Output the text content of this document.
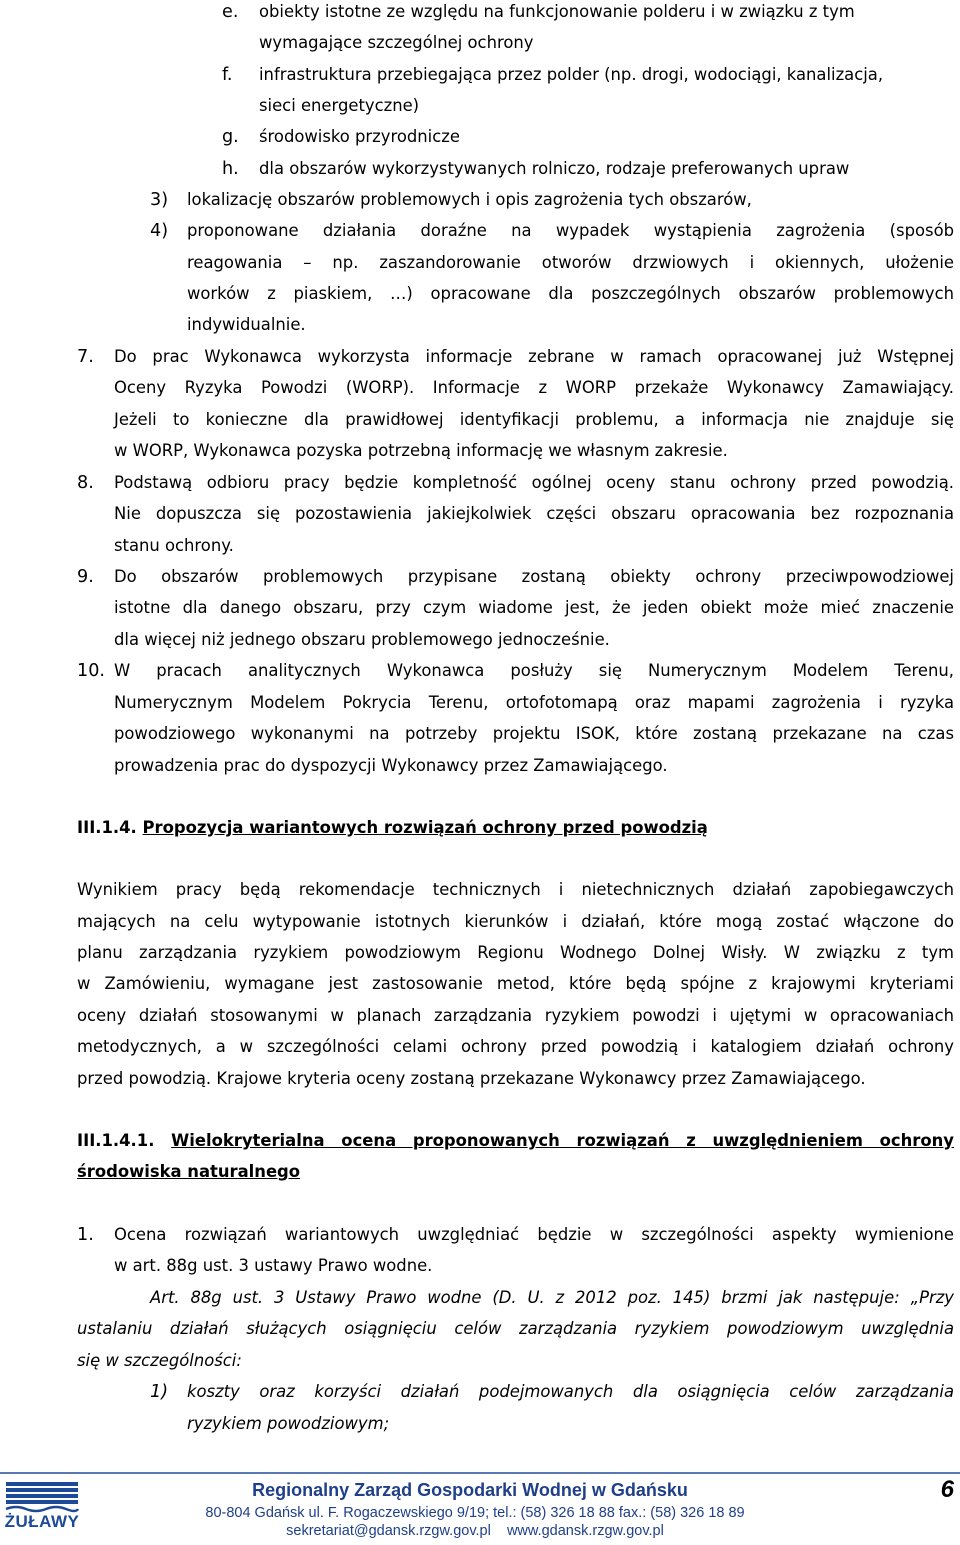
e. obiekty istotne ze względu na funkcjonowanie polderu i w związku z tym
wymagające szczególnej ochrony
f. infrastruktura przebiegająca przez polder (np. drogi, wodociągi, kanalizacja,
sieci energetyczne)
g. środowisko przyrodnicze
h. dla obszarów wykorzystywanych rolniczo, rodzaje preferowanych upraw
3) lokalizację obszarów problemowych i opis zagrożenia tych obszarów,
4) proponowane działania doraźne na wypadek wystąpienia zagrożenia (sposób
reagowania – np. zaszandorowanie otworów drzwiowych i okiennych, ułożenie
worków z piaskiem, …) opracowane dla poszczególnych obszarów problemowych
indywidualnie.
7. Do prac Wykonawca wykorzysta informacje zebrane w ramach opracowanej już Wstępnej
Oceny Ryzyka Powodzi (WORP). Informacje z WORP przekaże Wykonawcy Zamawiający.
Jeżeli to konieczne dla prawidłowej identyfikacji problemu, a informacja nie znajduje się
w WORP, Wykonawca pozyska potrzebną informację we własnym zakresie.
8. Podstawą odbioru pracy będzie kompletność ogólnej oceny stanu ochrony przed powodzią.
Nie dopuszcza się pozostawienia jakiejkolwiek części obszaru opracowania bez rozpoznania
stanu ochrony.
9. Do obszarów problemowych przypisane zostaną obiekty ochrony przeciwpowodziowej
istotne dla danego obszaru, przy czym wiadome jest, że jeden obiekt może mieć znaczenie
dla więcej niż jednego obszaru problemowego jednocześnie.
10. W pracach analitycznych Wykonawca posłuży się Numerycznym Modelem Terenu,
Numerycznym Modelem Pokrycia Terenu, ortofotomapą oraz mapami zagrożenia i ryzyka
powodziowego wykonanymi na potrzeby projektu ISOK, które zostaną przekazane na czas
prowadzenia prac do dyspozycji Wykonawcy przez Zamawiającego.
III.1.4. Propozycja wariantowych rozwiązań ochrony przed powodzią
Wynikiem pracy będą rekomendacje technicznych i nietechnicznych działań zapobiegawczych
mających na celu wytypowanie istotnych kierunków i działań, które mogą zostać włączone do
planu zarządzania ryzykiem powodziowym Regionu Wodnego Dolnej Wisły. W związku z tym
w Zamówieniu, wymagane jest zastosowanie metod, które będą spójne z krajowymi kryteriami
oceny działań stosowanymi w planach zarządzania ryzykiem powodzi i ujętymi w opracowaniach
metodycznych, a w szczególności celami ochrony przed powodzią i katalogiem działań ochrony
przed powodzią. Krajowe kryteria oceny zostaną przekazane Wykonawcy przez Zamawiającego.
III.1.4.1. Wielokryterialna ocena proponowanych rozwiązań z uwzględnieniem ochrony
środowiska naturalnego
1. Ocena rozwiązań wariantowych uwzględniać będzie w szczególności aspekty wymienione
w art. 88g ust. 3 ustawy Prawo wodne.
Art. 88g ust. 3 Ustawy Prawo wodne (D. U. z 2012 poz. 145) brzmi jak następuje: „Przy
ustalaniu działań służących osiągnięciu celów zarządzania ryzykiem powodziowym uwzględnia
się w szczególności:
1) koszty oraz korzyści działań podejmowanych dla osiągnięcia celów zarządzania
ryzykiem powodziowym;
ŻUŁAWY
Regionalny Zarząd Gospodarki Wodnej w Gdańsku	6
80-804 Gdańsk ul. F. Rogaczewskiego 9/19; tel.: (58) 326 18 88 fax.: (58) 326 18 89
sekretariat@gdansk.rzgw.gov.pl www.gdansk.rzgw.gov.pl
